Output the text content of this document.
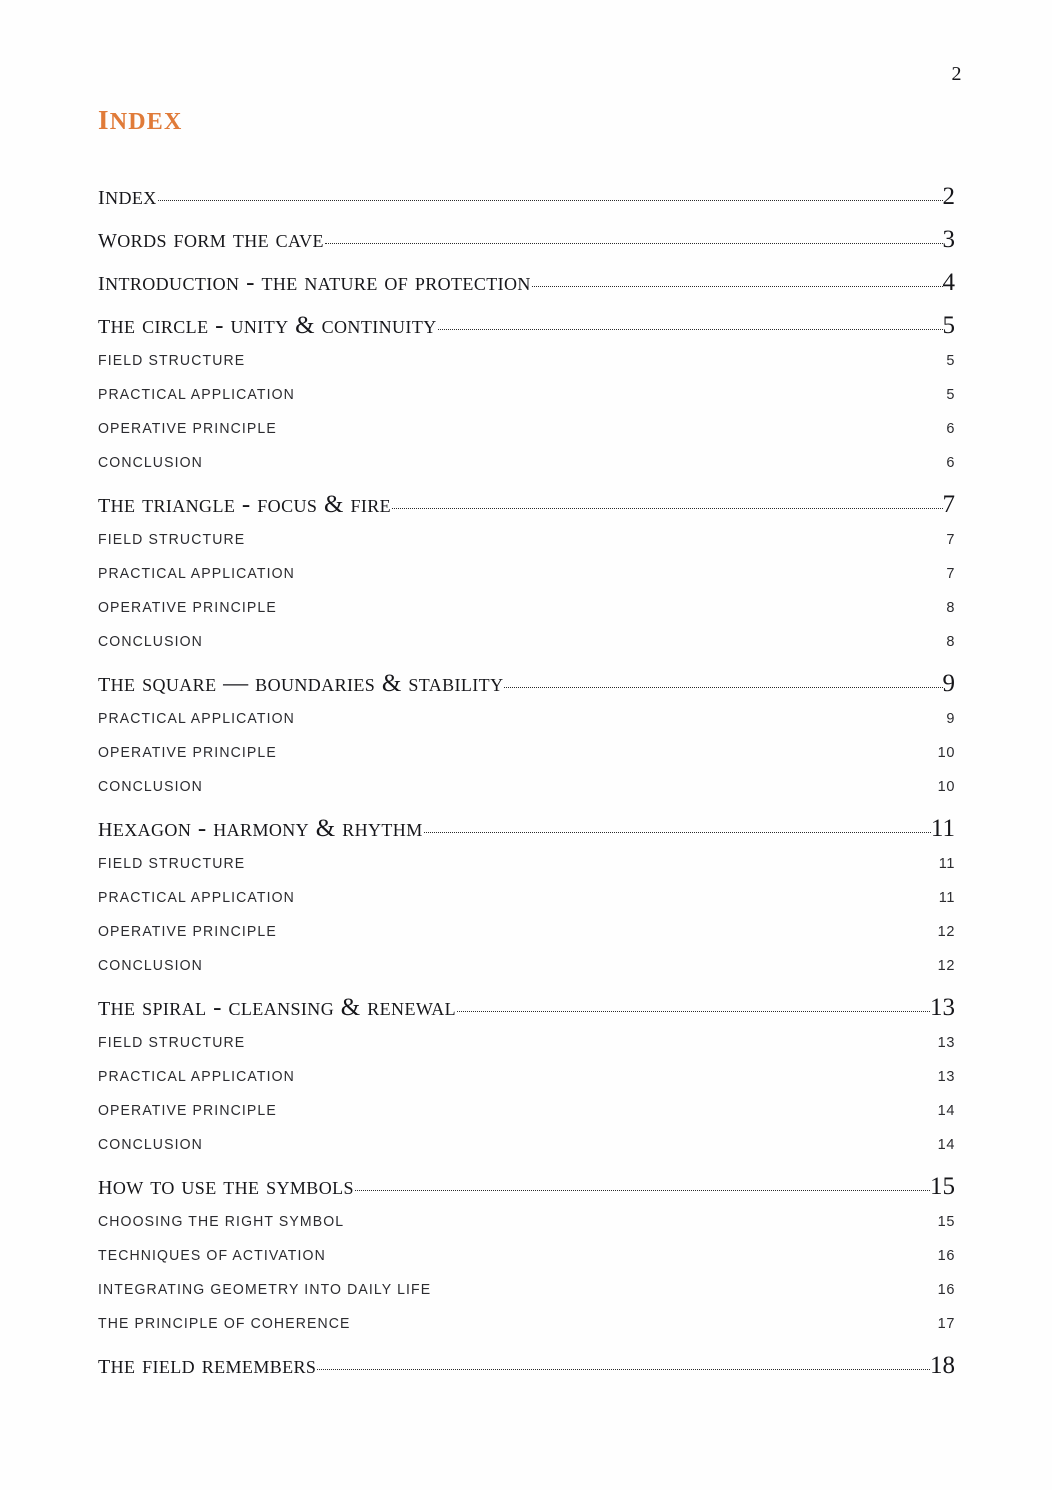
2
index
index	2
words form the cave	3
introduction - the nature of protection	4
the circle - unity & continuity	5
FIELD STRUCTURE	5
PRACTICAL APPLICATION	5
OPERATIVE PRINCIPLE	6
CONCLUSION	6
the triangle - focus & fire	7
FIELD STRUCTURE	7
PRACTICAL APPLICATION	7
OPERATIVE PRINCIPLE	8
CONCLUSION	8
the square — boundaries & stability	9
PRACTICAL APPLICATION	9
OPERATIVE PRINCIPLE	10
CONCLUSION	10
hexagon - harmony & rhythm	11
FIELD STRUCTURE	11
PRACTICAL APPLICATION	11
OPERATIVE PRINCIPLE	12
CONCLUSION	12
the spiral - cleansing & renewal	13
FIELD STRUCTURE	13
PRACTICAL APPLICATION	13
OPERATIVE PRINCIPLE	14
CONCLUSION	14
how to use the symbols	15
CHOOSING THE RIGHT SYMBOL	15
TECHNIQUES OF ACTIVATION	16
INTEGRATING GEOMETRY INTO DAILY LIFE	16
THE PRINCIPLE OF COHERENCE	17
the field remembers	18
